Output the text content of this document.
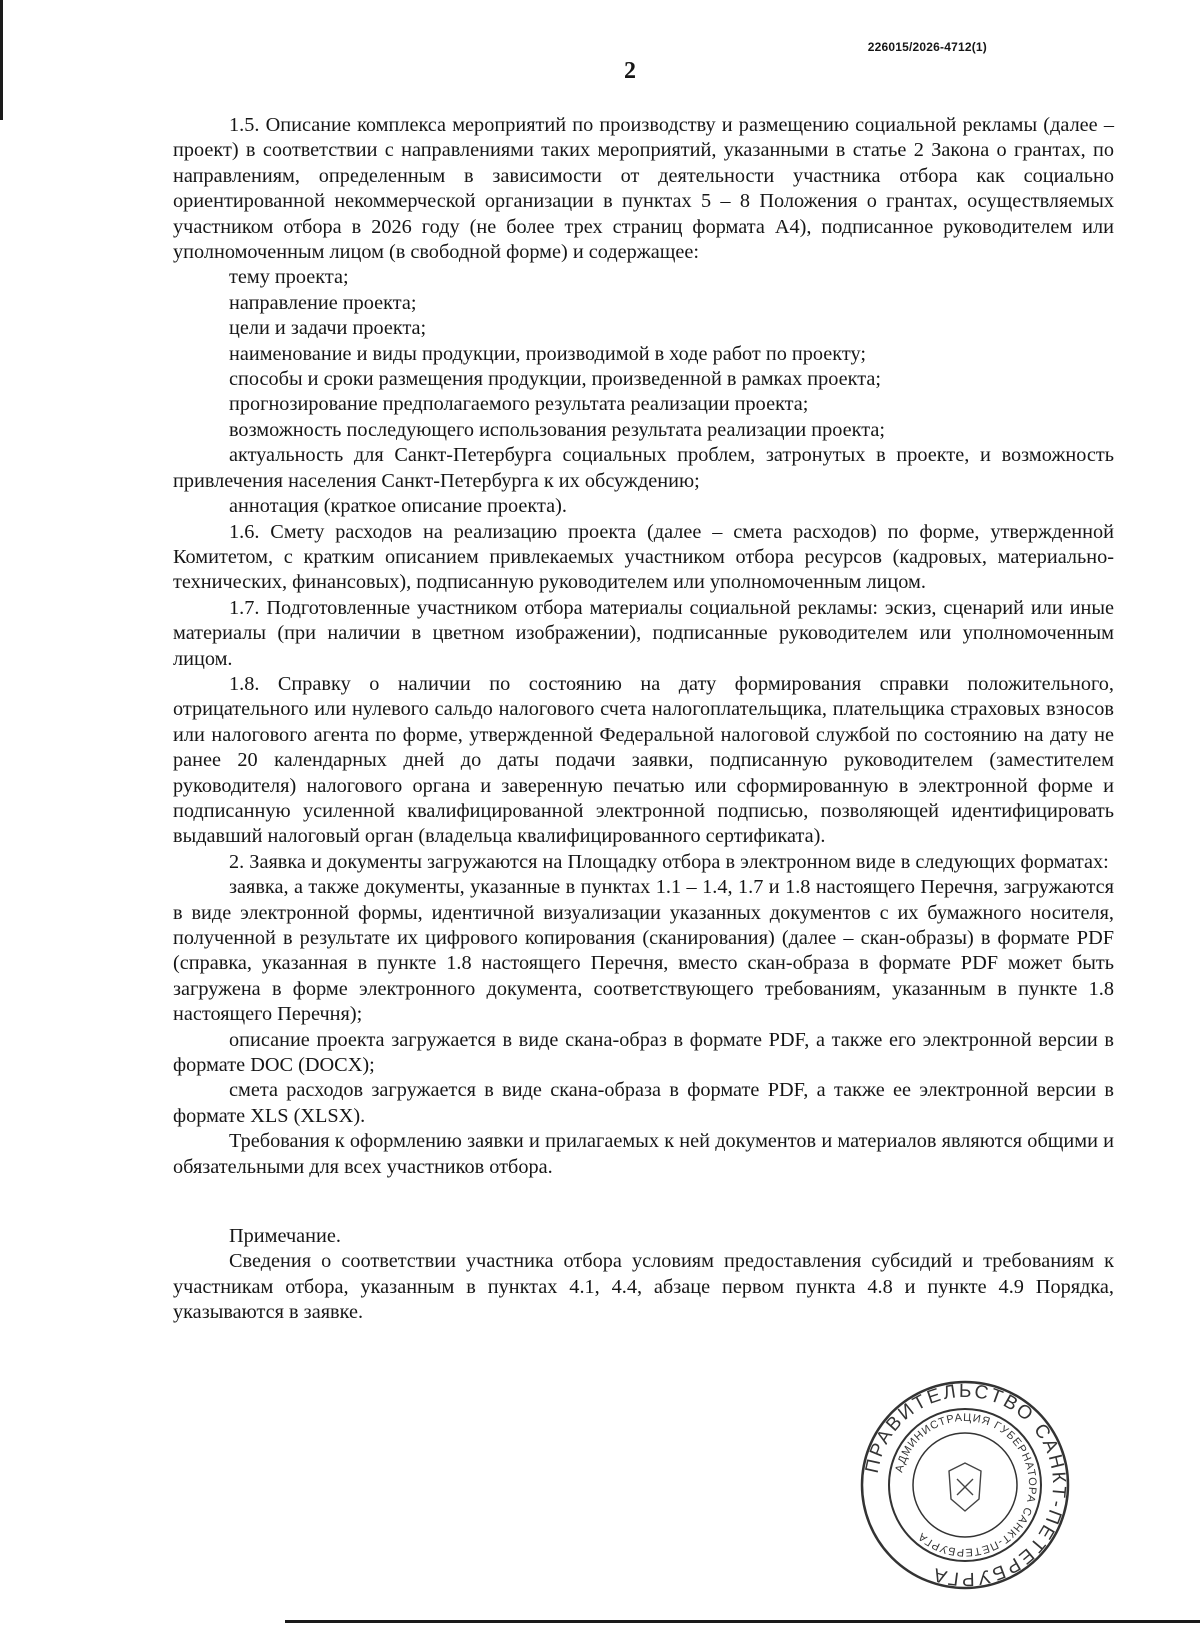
226015/2026-4712(1)
2

1.5. Описание комплекса мероприятий по производству и размещению социальной рекламы (далее – проект) в соответствии с направлениями таких мероприятий, указанными в статье 2 Закона о грантах, по направлениям, определенным в зависимости от деятельности участника отбора как социально ориентированной некоммерческой организации в пунктах 5 – 8 Положения о грантах, осуществляемых участником отбора в 2026 году (не более трех страниц формата А4), подписанное руководителем или уполномоченным лицом (в свободной форме) и содержащее:

тему проекта;

направление проекта;

цели и задачи проекта;

наименование и виды продукции, производимой в ходе работ по проекту;

способы и сроки размещения продукции, произведенной в рамках проекта;

прогнозирование предполагаемого результата реализации проекта;

возможность последующего использования результата реализации проекта;

актуальность для Санкт-Петербурга социальных проблем, затронутых в проекте, и возможность привлечения населения Санкт-Петербурга к их обсуждению;

аннотация (краткое описание проекта).

1.6. Смету расходов на реализацию проекта (далее – смета расходов) по форме, утвержденной Комитетом, с кратким описанием привлекаемых участником отбора ресурсов (кадровых, материально-технических, финансовых), подписанную руководителем или уполномоченным лицом.

1.7. Подготовленные участником отбора материалы социальной рекламы: эскиз, сценарий или иные материалы (при наличии в цветном изображении), подписанные руководителем или уполномоченным лицом.

1.8. Справку о наличии по состоянию на дату формирования справки положительного, отрицательного или нулевого сальдо налогового счета налогоплательщика, плательщика страховых взносов или налогового агента по форме, утвержденной Федеральной налоговой службой по состоянию на дату не ранее 20 календарных дней до даты подачи заявки, подписанную руководителем (заместителем руководителя) налогового органа и заверенную печатью или сформированную в электронной форме и подписанную усиленной квалифицированной электронной подписью, позволяющей идентифицировать выдавший налоговый орган (владельца квалифицированного сертификата).

2. Заявка и документы загружаются на Площадку отбора в электронном виде в следующих форматах:

заявка, а также документы, указанные в пунктах 1.1 – 1.4, 1.7 и 1.8 настоящего Перечня, загружаются в виде электронной формы, идентичной визуализации указанных документов с их бумажного носителя, полученной в результате их цифрового копирования (сканирования) (далее – скан-образы) в формате PDF (справка, указанная в пункте 1.8 настоящего Перечня, вместо скан-образа в формате PDF может быть загружена в форме электронного документа, соответствующего требованиям, указанным в пункте 1.8 настоящего Перечня);

описание проекта загружается в виде скана-образ в формате PDF, а также его электронной версии в формате DOC (DOCX);

смета расходов загружается в виде скана-образа в формате PDF, а также ее электронной версии в формате XLS (XLSX).

Требования к оформлению заявки и прилагаемых к ней документов и материалов являются общими и обязательными для всех участников отбора.

Примечание.

Сведения о соответствии участника отбора условиям предоставления субсидий и требованиям к участникам отбора, указанным в пунктах 4.1, 4.4, абзаце первом пункта 4.8 и пункте 4.9 Порядка, указываются в заявке.

ПРАВИТЕЛЬСТВО САНКТ-ПЕТЕРБУРГА
АДМИНИСТРАЦИЯ ГУБЕРНАТОРА САНКТ-ПЕТЕРБУРГА
